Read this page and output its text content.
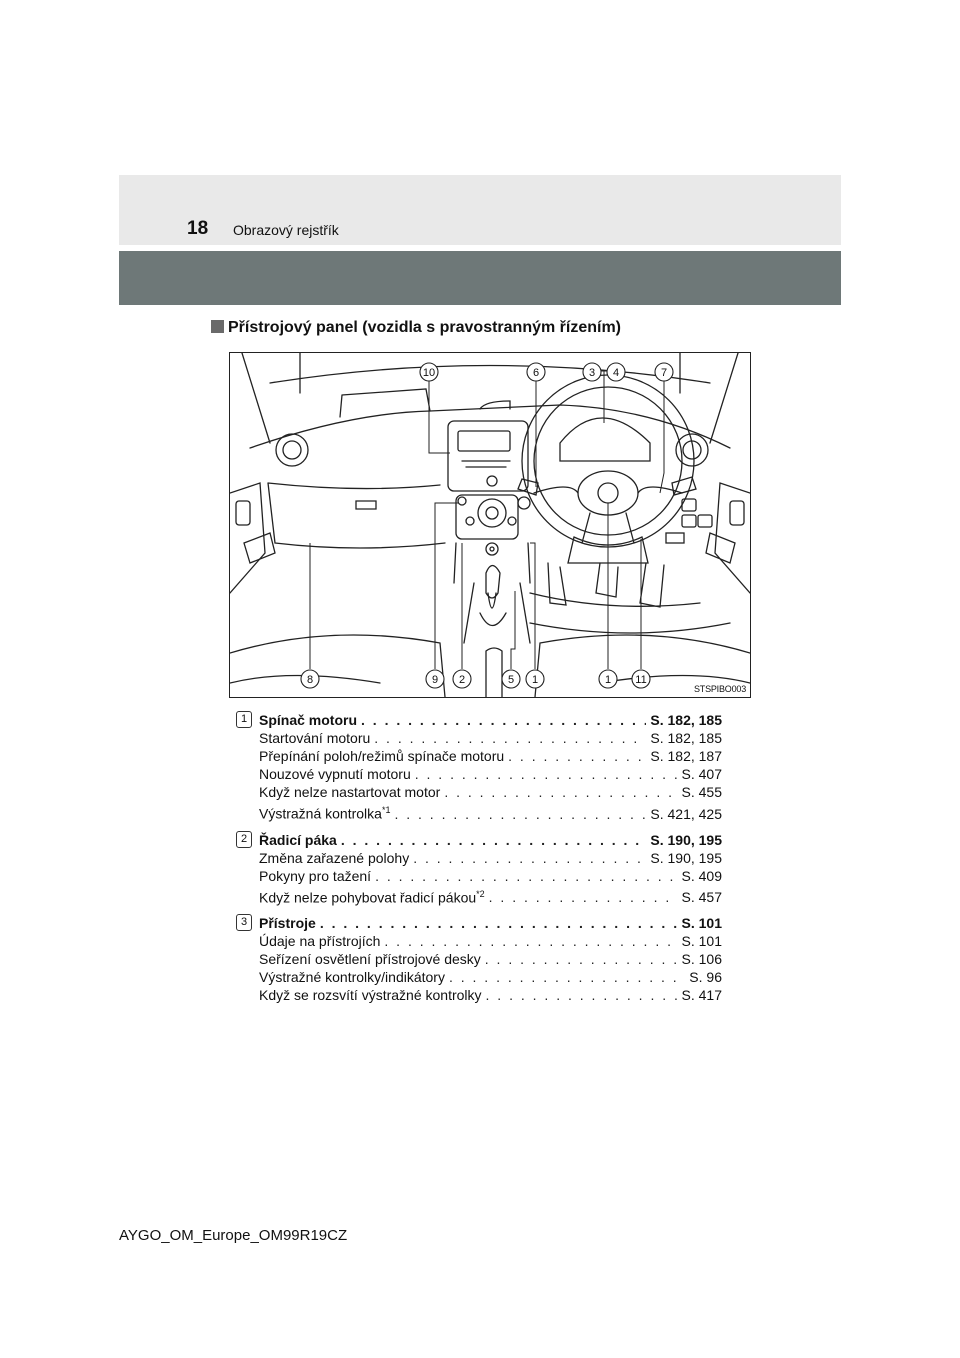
18 Obrazový rejstřík
Přístrojový panel (vozidla s pravostranným řízením)
10	6	3 4	7
8	9 2	5 1	1 11
STSPIBO003
1 Spínač motoru . . .	S. 182, 185
Startování motoru . . .	S. 182, 185
Přepínání poloh/režimů spínače motoru . . .	S. 182, 187
Nouzové vypnutí motoru . . .	S. 407
Když nelze nastartovat motor . . .	S. 455
Výstražná kontrolka$^{*1}$ . . .	S. 421, 425
2 Řadicí páka . . .	S. 190, 195
Změna zařazené polohy . . .	S. 190, 195
Pokyny pro tažení . . .	S. 409
Když nelze pohybovat řadicí pákou$^{*2}$ . . .	S. 457
3 Přístroje . . .	S. 101
Údaje na přístrojích . . .	S. 101
Seřízení osvětlení přístrojové desky . . .	S. 106
Výstražné kontrolky/indikátory . . .	S. 96
Když se rozsvítí výstražné kontrolky . . .	S. 417
AYGO_OM_Europe_OM99R19CZ
